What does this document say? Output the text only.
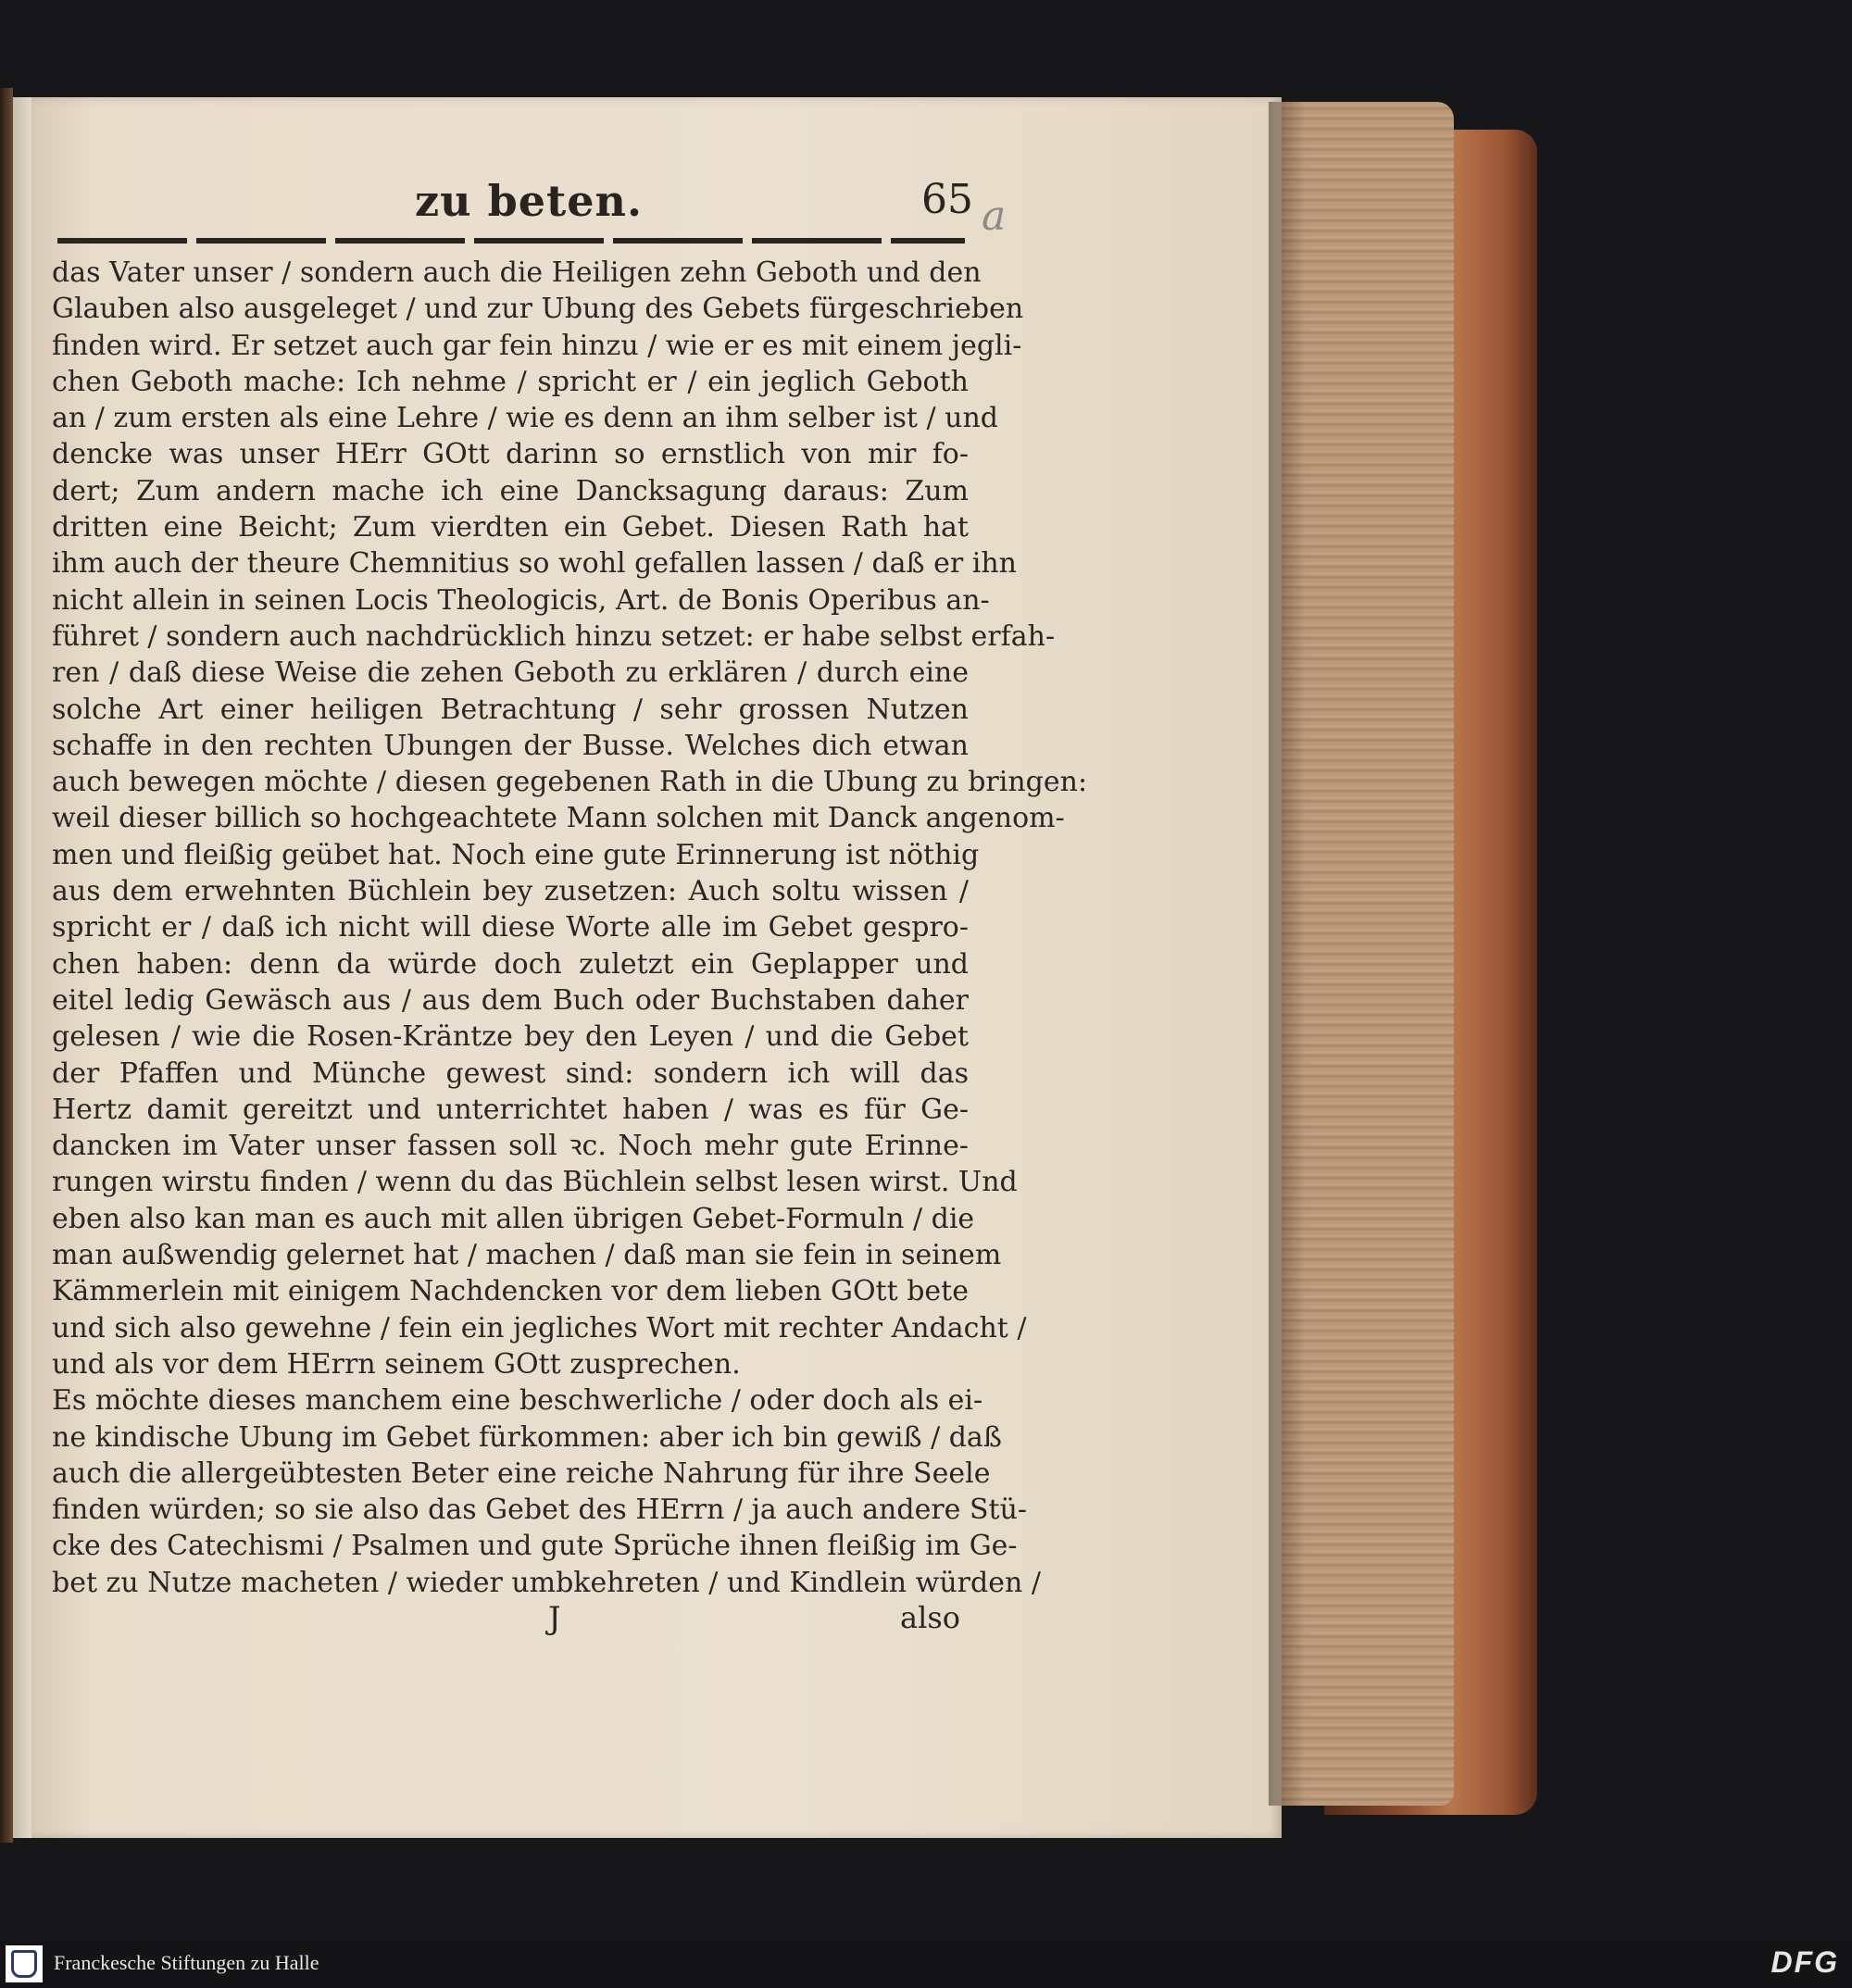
zu beten.	65 a
das Vater unser / sondern auch die Heiligen zehn Geboth und den
Glauben also ausgeleget / und zur Ubung des Gebets fürgeschrieben
finden wird. Er setzet auch gar fein hinzu / wie er es mit einem jegli-
chen Geboth mache: Ich nehme / spricht er / ein jeglich Geboth
an / zum ersten als eine Lehre / wie es denn an ihm selber ist / und
dencke was unser HErr GOtt darinn so ernstlich von mir fo-
dert; Zum andern mache ich eine Dancksagung daraus: Zum
dritten eine Beicht; Zum vierdten ein Gebet. Diesen Rath hat
ihm auch der theure Chemnitius so wohl gefallen lassen / daß er ihn
nicht allein in seinen Locis Theologicis, Art. de Bonis Operibus an-
führet / sondern auch nachdrücklich hinzu setzet: er habe selbst erfah-
ren / daß diese Weise die zehen Geboth zu erklären / durch eine
solche Art einer heiligen Betrachtung / sehr grossen Nutzen
schaffe in den rechten Ubungen der Busse. Welches dich etwan
auch bewegen möchte / diesen gegebenen Rath in die Ubung zu bringen:
weil dieser billich so hochgeachtete Mann solchen mit Danck angenom-
men und fleißig geübet hat. Noch eine gute Erinnerung ist nöthig
aus dem erwehnten Büchlein bey zusetzen: Auch soltu wissen /
spricht er / daß ich nicht will diese Worte alle im Gebet gespro-
chen haben: denn da würde doch zuletzt ein Geplapper und
eitel ledig Gewäsch aus / aus dem Buch oder Buchstaben daher
gelesen / wie die Rosen-Kräntze bey den Leyen / und die Gebet
der Pfaffen und Münche gewest sind: sondern ich will das
Hertz damit gereitzt und unterrichtet haben / was es für Ge-
dancken im Vater unser fassen soll ꝛc. Noch mehr gute Erinne-
rungen wirstu finden / wenn du das Büchlein selbst lesen wirst. Und
eben also kan man es auch mit allen übrigen Gebet-Formuln / die
man außwendig gelernet hat / machen / daß man sie fein in seinem
Kämmerlein mit einigem Nachdencken vor dem lieben GOtt bete
und sich also gewehne / fein ein jegliches Wort mit rechter Andacht /
und als vor dem HErrn seinem GOtt zusprechen.
Es möchte dieses manchem eine beschwerliche / oder doch als ei-
ne kindische Ubung im Gebet fürkommen: aber ich bin gewiß / daß
auch die allergeübtesten Beter eine reiche Nahrung für ihre Seele
finden würden; so sie also das Gebet des HErrn / ja auch andere Stü-
cke des Catechismi / Psalmen und gute Sprüche ihnen fleißig im Ge-
bet zu Nutze macheten / wieder umbkehreten / und Kindlein würden /
J	also
Franckesche Stiftungen zu Halle	DFG
